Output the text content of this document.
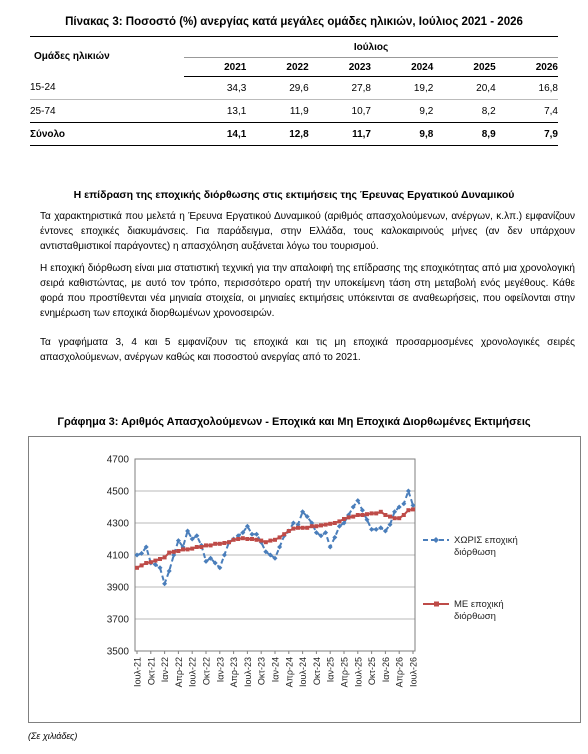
Πίνακας 3: Ποσοστό (%) ανεργίας κατά μεγάλες ομάδες ηλικιών, Ιούλιος 2021 - 2026
Ομάδες ηλικιών	Ιούλιος					
	2021	2022	2023	2024	2025	2026
15-24	34,3	29,6	27,8	19,2	20,4	16,8
25-74	13,1	11,9	10,7	9,2	8,2	7,4
Σύνολο	14,1	12,8	11,7	9,8	8,9	7,9
Η επίδραση της εποχικής διόρθωσης στις εκτιμήσεις της Έρευνας Εργατικού Δυναμικού
Τα χαρακτηριστικά που μελετά η Έρευνα Εργατικού Δυναμικού (αριθμός απασχολούμενων, ανέργων, κ.λπ.) εμφανίζουν έντονες εποχικές διακυμάνσεις. Για παράδειγμα, στην Ελλάδα, τους καλοκαιρινούς μήνες (αν δεν υπάρχουν αντισταθμιστικοί παράγοντες) η απασχόληση αυξάνεται λόγω του τουρισμού.
Η εποχική διόρθωση είναι μια στατιστική τεχνική για την απαλοιφή της επίδρασης της εποχικότητας από μια χρονολογική σειρά καθιστώντας, με αυτό τον τρόπο, περισσότερο ορατή την υποκείμενη τάση στη μεταβολή ενός μεγέθους. Κάθε φορά που προστίθενται νέα μηνιαία στοιχεία, οι μηνιαίες εκτιμήσεις υπόκεινται σε αναθεωρήσεις, που οφείλονται στην ενημέρωση των εποχικά διορθωμένων χρονοσειρών.
Τα γραφήματα 3, 4 και 5 εμφανίζουν τις εποχικά και τις μη εποχικά προσαρμοσμένες χρονολογικές σειρές απασχολούμενων, ανέργων καθώς και ποσοστού ανεργίας από το 2021.
Γράφημα 3: Αριθμός Απασχολούμενων - Εποχικά και Μη Εποχικά Διορθωμένες Εκτιμήσεις
3500
3700
3900
4100
4300
4500
4700
Ιουλ-21 Οκτ-21 Ιαν-22 Απρ-22 Ιουλ-22 Οκτ-22 Ιαν-23 Απρ-23 Ιουλ-23 Οκτ-23 Ιαν-24 Απρ-24 Ιουλ-24 Οκτ-24 Ιαν-25 Απρ-25 Ιουλ-25 Οκτ-25 Ιαν-26 Απρ-26 Ιουλ-26
ΧΩΡΙΣ εποχική
διόρθωση
ΜΕ εποχική
διόρθωση
(Σε χιλιάδες)
